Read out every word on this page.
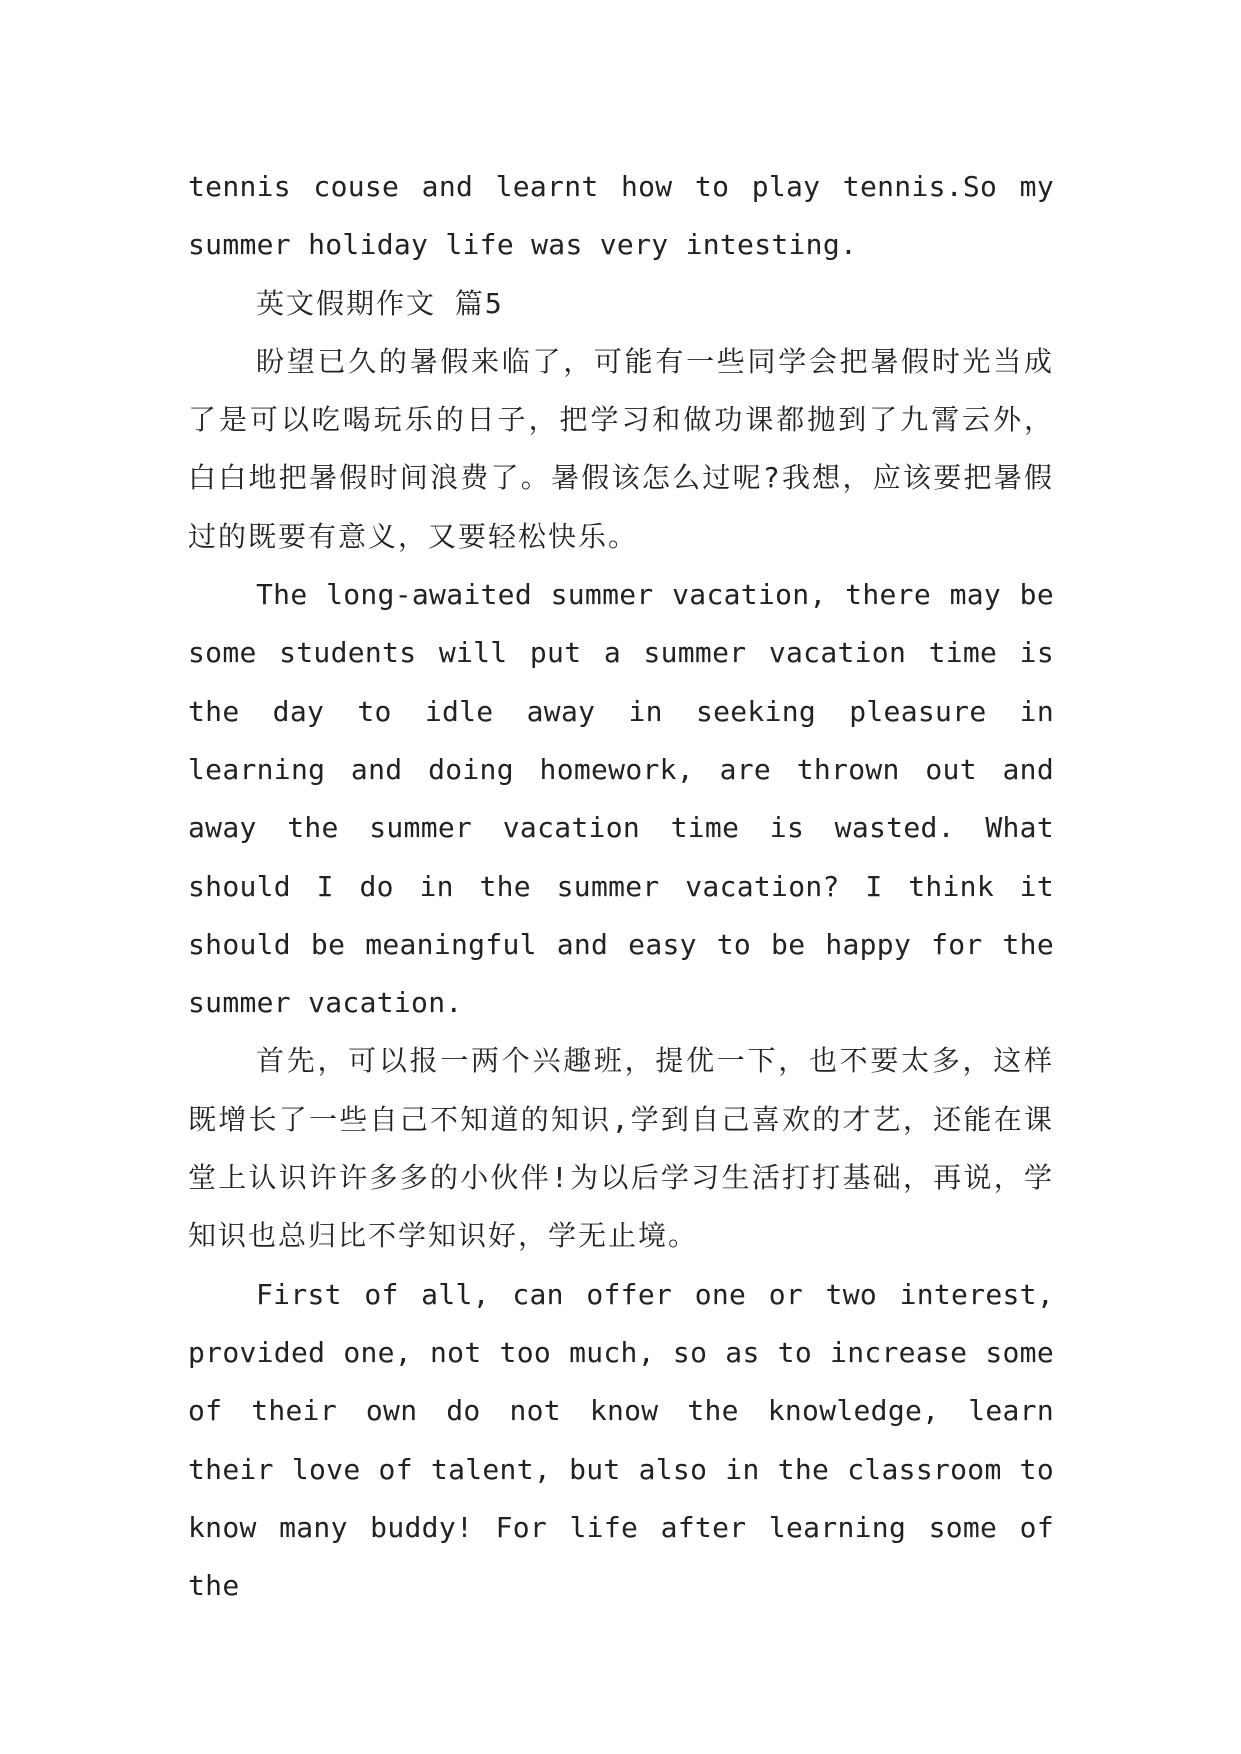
tennis couse and learnt how to play tennis.So my summer holiday life was very intesting.

英文假期作文 篇5

盼望已久的暑假来临了，可能有一些同学会把暑假时光当成了是可以吃喝玩乐的日子，把学习和做功课都抛到了九霄云外，白白地把暑假时间浪费了。暑假该怎么过呢?我想，应该要把暑假过的既要有意义，又要轻松快乐。

The long-awaited summer vacation, there may be some students will put a summer vacation time is the day to idle away in seeking pleasure in learning and doing homework, are thrown out and away the summer vacation time is wasted. What should I do in the summer vacation? I think it should be meaningful and easy to be happy for the summer vacation.

首先，可以报一两个兴趣班，提优一下，也不要太多，这样既增长了一些自己不知道的知识,学到自己喜欢的才艺，还能在课堂上认识许许多多的小伙伴!为以后学习生活打打基础，再说，学知识也总归比不学知识好，学无止境。

First of all, can offer one or two interest, provided one, not too much, so as to increase some of their own do not know the knowledge, learn their love of talent, but also in the classroom to know many buddy! For life after learning some of the
